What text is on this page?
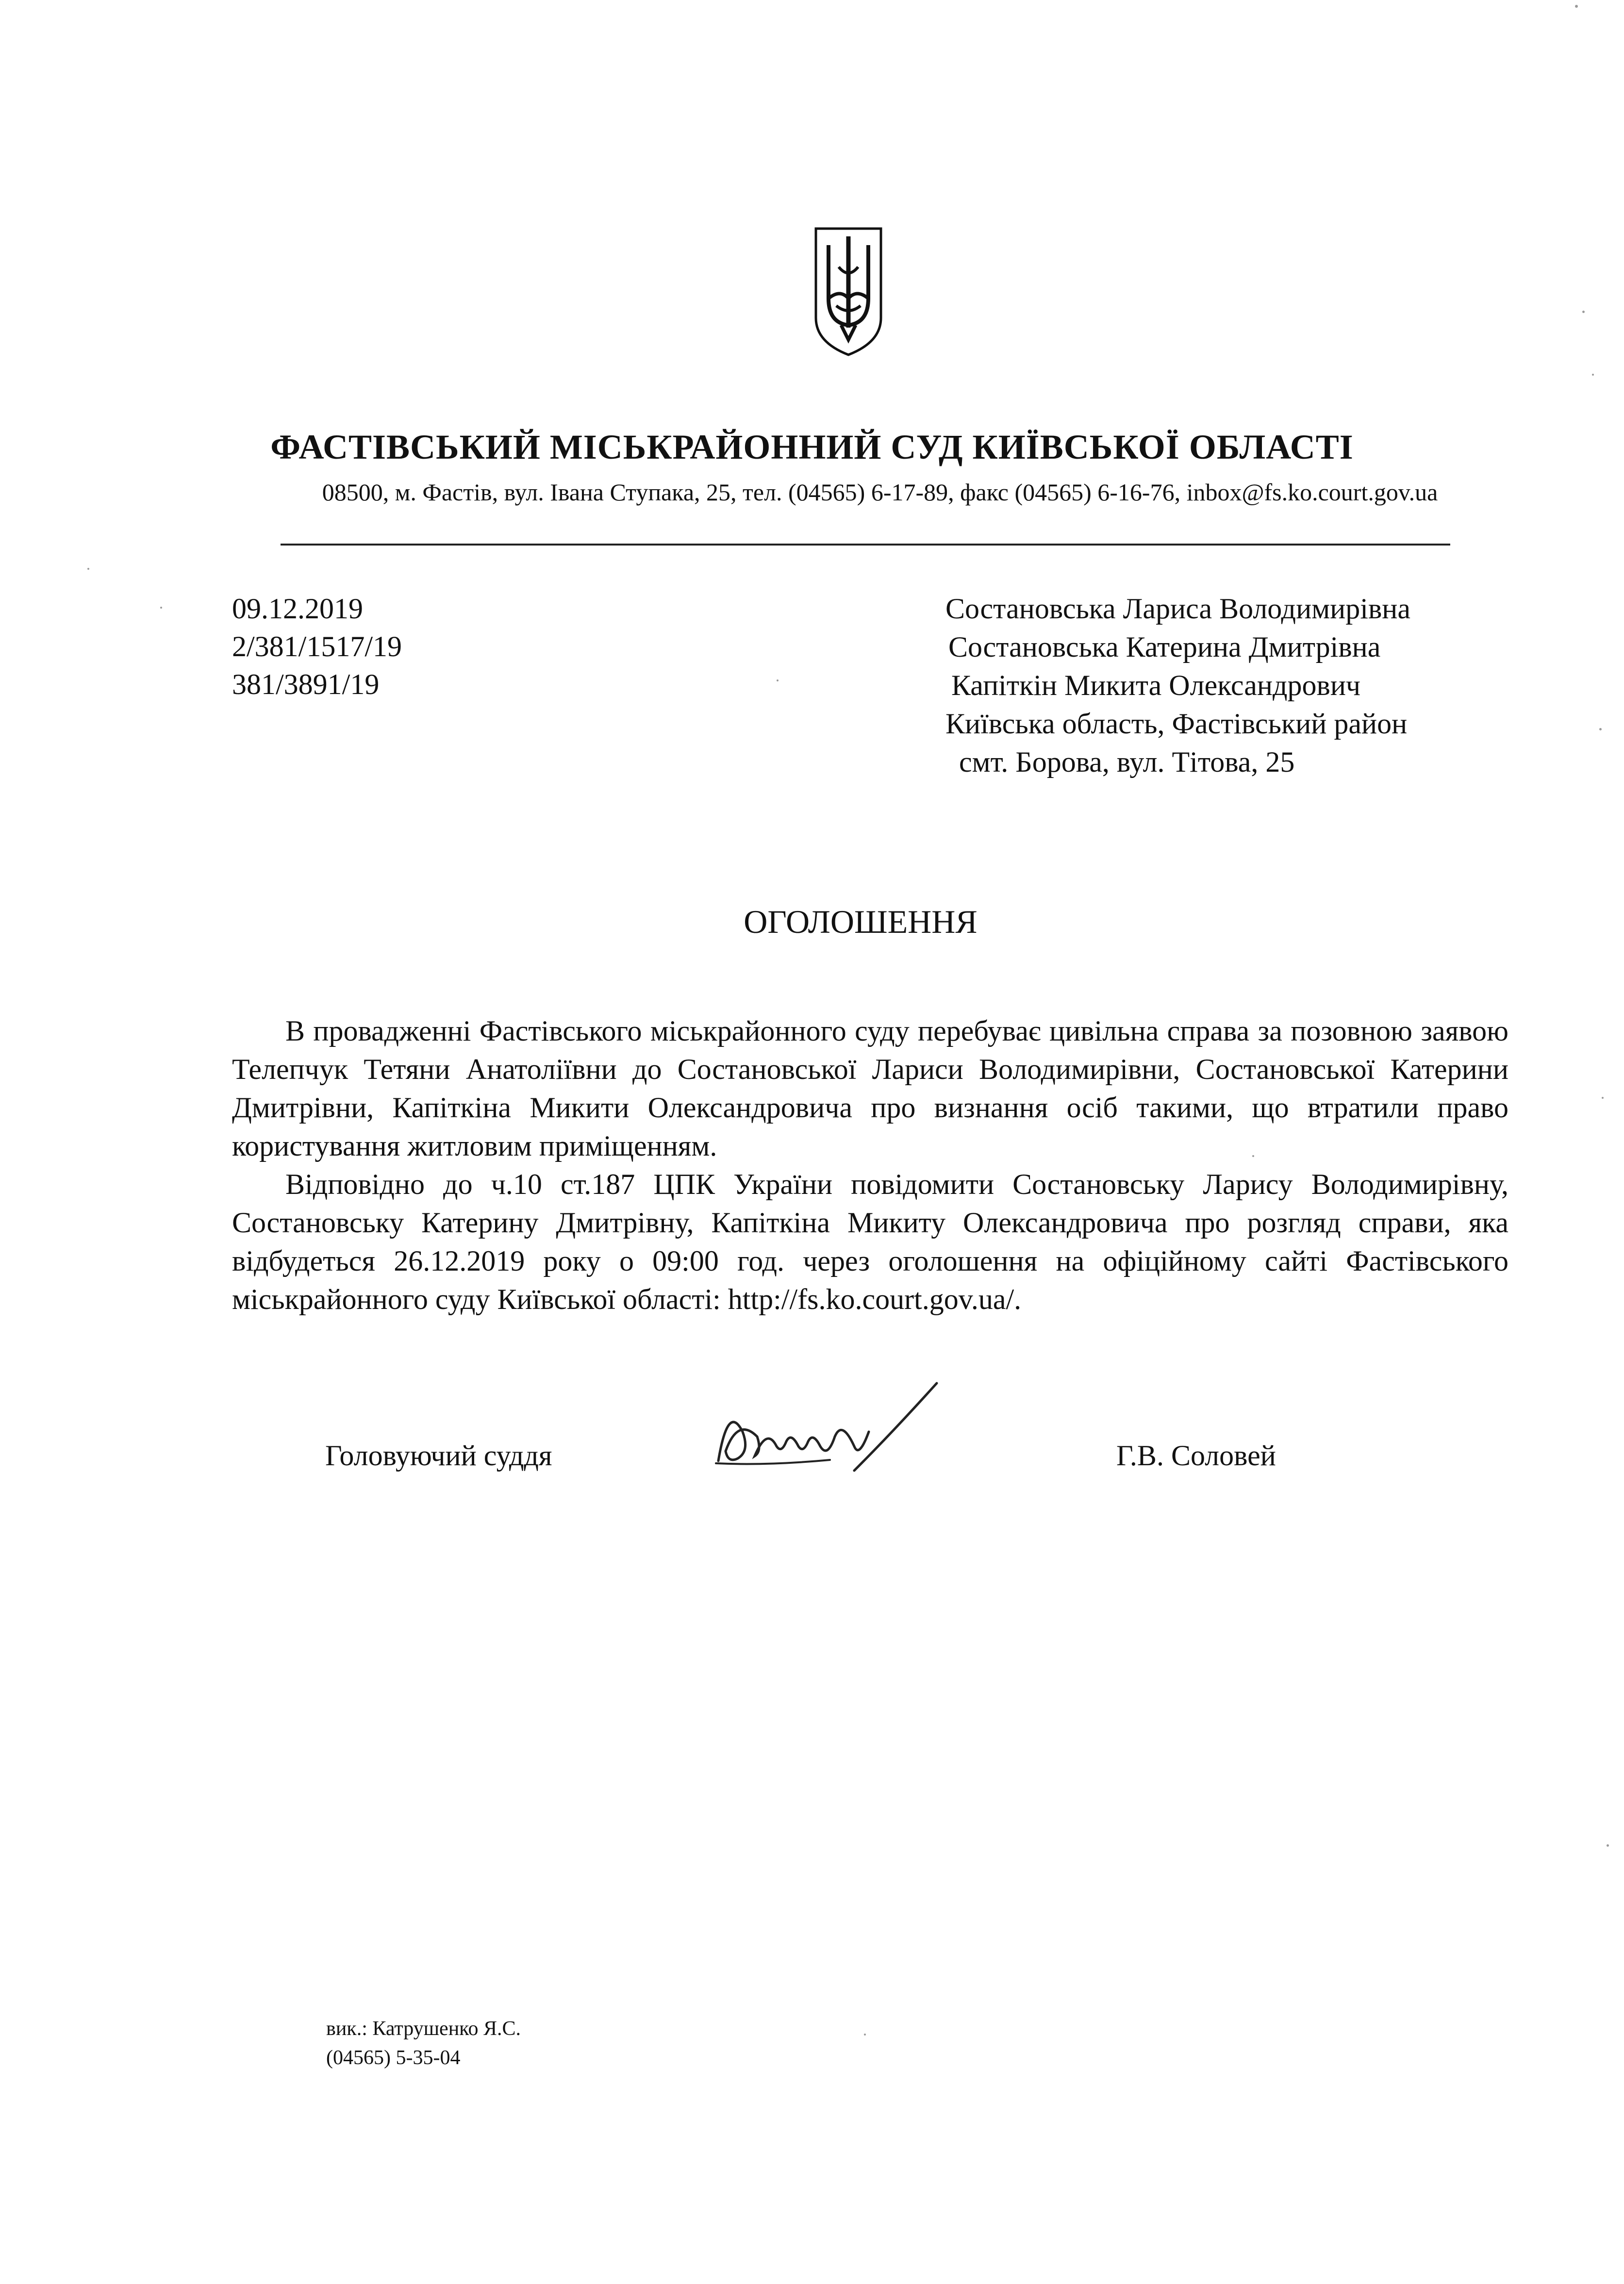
ФАСТІВСЬКИЙ МІСЬКРАЙОННИЙ СУД КИЇВСЬКОЇ ОБЛАСТІ
08500, м. Фастів, вул. Івана Ступака, 25, тел. (04565) 6-17-89, факс (04565) 6-16-76, inbox@fs.ko.court.gov.ua
09.12.2019
2/381/1517/19
381/3891/19
Состановська Лариса Володимирівна
Состановська Катерина Дмитрівна
Капіткін Микита Олександрович
Київська область, Фастівський район
смт. Борова, вул. Тітова, 25
ОГОЛОШЕННЯ

В провадженні Фастівського міськрайонного суду перебуває цивільна справа за позовною заявою Телепчук Тетяни Анатоліївни до Состановської Лариси Володимирівни, Состановської Катерини Дмитрівни, Капіткіна Микити Олександровича про визнання осіб такими, що втратили право користування житловим приміщенням.

Відповідно до ч.10 ст.187 ЦПК України повідомити Состановську Ларису Володимирівну, Состановську Катерину Дмитрівну, Капіткіна Микиту Олександровича про розгляд справи, яка відбудеться 26.12.2019 року о 09:00 год. через оголошення на офіційному сайті Фастівського міськрайонного суду Київської області: http://fs.ko.court.gov.ua/.

Головуючий суддя	Г.В. Соловей
вик.: Катрушенко Я.С.
(04565) 5-35-04
